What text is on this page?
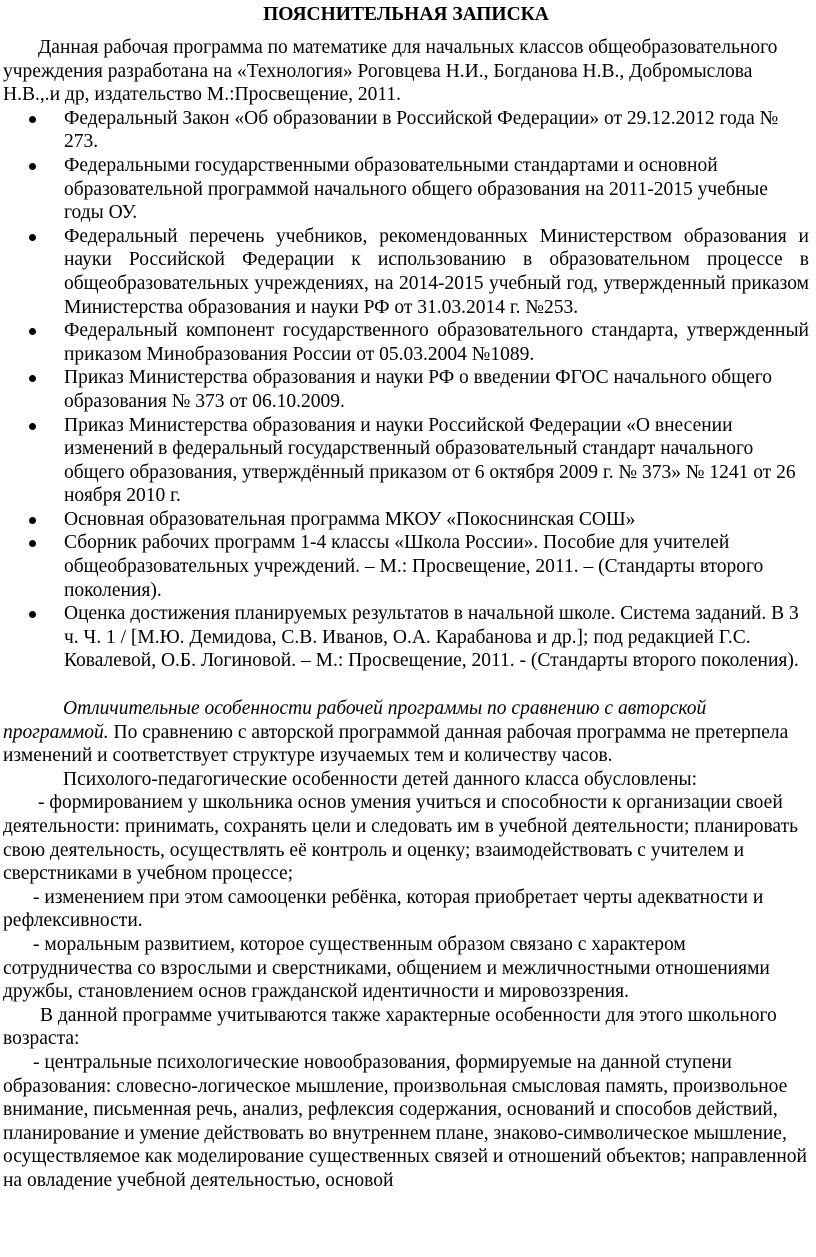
ПОЯСНИТЕЛЬНАЯ ЗАПИСКА

Данная рабочая программа по математике для начальных классов общеобразовательного учреждения разработана на «Технология» Роговцева Н.И., Богданова Н.В., Добромыслова Н.В.,.и др, издательство М.:Просвещение, 2011.

Федеральный Закон «Об образовании в Российской Федерации» от 29.12.2012 года № 273.
Федеральными государственными образовательными стандартами и основной образовательной программой начального общего образования на 2011-2015 учебные годы ОУ.
Федеральный перечень учебников, рекомендованных Министерством образования и науки Российской Федерации к использованию в образовательном процессе в общеобразовательных учреждениях, на 2014-2015 учебный год, утвержденный приказом Министерства образования и науки РФ от 31.03.2014 г. №253.
Федеральный компонент государственного образовательного стандарта, утвержденный приказом Минобразования России от 05.03.2004 №1089.
Приказ Министерства образования и науки РФ о введении ФГОС начального общего образования № 373 от 06.10.2009.
Приказ Министерства образования и науки Российской Федерации «О внесении изменений в федеральный государственный образовательный стандарт начального общего образования, утверждённый приказом от 6 октября 2009 г. № 373» № 1241 от 26 ноября 2010 г.
Основная образовательная программа МКОУ «Покоснинская СОШ»
Сборник рабочих программ 1-4 классы «Школа России». Пособие для учителей общеобразовательных учреждений. – М.: Просвещение, 2011. – (Стандарты второго поколения).
Оценка достижения планируемых результатов в начальной школе. Система заданий. В 3 ч. Ч. 1 / [М.Ю. Демидова, С.В. Иванов, О.А. Карабанова и др.]; под редакцией Г.С. Ковалевой, О.Б. Логиновой. – М.: Просвещение, 2011. - (Стандарты второго поколения).

Отличительные особенности рабочей программы по сравнению с авторской программой. По сравнению с авторской программой данная рабочая программа не претерпела изменений и соответствует структуре изучаемых тем и количеству часов.

Психолого-педагогические особенности детей данного класса обусловлены:

- формированием у школьника основ умения учиться и способности к организации своей деятельности: принимать, сохранять цели и следовать им в учебной деятельности; планировать свою деятельность, осуществлять её контроль и оценку; взаимодействовать с учителем и сверстниками в учебном процессе;

- изменением при этом самооценки ребёнка, которая приобретает черты адекватности и рефлексивности.

- моральным развитием, которое существенным образом связано с характером сотрудничества со взрослыми и сверстниками, общением и межличностными отношениями дружбы, становлением основ гражданской идентичности и мировоззрения.

В данной программе учитываются также характерные особенности для этого школьного возраста:

- центральные психологические новообразования, формируемые на данной ступени образования: словесно-логическое мышление, произвольная смысловая память, произвольное внимание, письменная речь, анализ, рефлексия содержания, оснований и способов действий, планирование и умение действовать во внутреннем плане, знаково-символическое мышление, осуществляемое как моделирование существенных связей и отношений объектов; направленной на овладение учебной деятельностью, основой
